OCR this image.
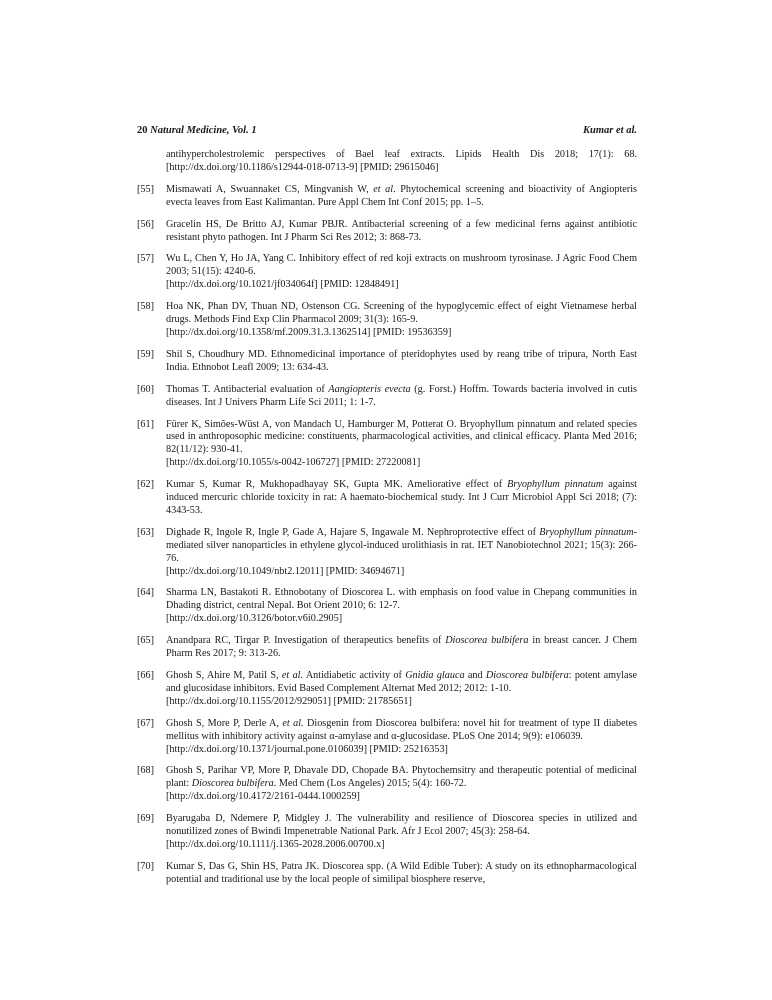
20 Natural Medicine, Vol. 1	Kumar et al.
antihypercholestrolemic perspectives of Bael leaf extracts. Lipids Health Dis 2018; 17(1): 68. [http://dx.doi.org/10.1186/s12944-018-0713-9] [PMID: 29615046]
[55] Mismawati A, Swuannaket CS, Mingvanish W, et al. Phytochemical screening and bioactivity of Angiopteris evecta leaves from East Kalimantan. Pure Appl Chem Int Conf 2015; pp. 1–5.
[56] Gracelin HS, De Britto AJ, Kumar PBJR. Antibacterial screening of a few medicinal ferns against antibiotic resistant phyto pathogen. Int J Pharm Sci Res 2012; 3: 868-73.
[57] Wu L, Chen Y, Ho JA, Yang C. Inhibitory effect of red koji extracts on mushroom tyrosinase. J Agric Food Chem 2003; 51(15): 4240-6.
[http://dx.doi.org/10.1021/jf034064f] [PMID: 12848491]
[58] Hoa NK, Phan DV, Thuan ND, Ostenson CG. Screening of the hypoglycemic effect of eight Vietnamese herbal drugs. Methods Find Exp Clin Pharmacol 2009; 31(3): 165-9.
[http://dx.doi.org/10.1358/mf.2009.31.3.1362514] [PMID: 19536359]
[59] Shil S, Choudhury MD. Ethnomedicinal importance of pteridophytes used by reang tribe of tripura, North East India. Ethnobot Leafl 2009; 13: 634-43.
[60] Thomas T. Antibacterial evaluation of Aangiopteris evecta (g. Forst.) Hoffm. Towards bacteria involved in cutis diseases. Int J Univers Pharm Life Sci 2011; 1: 1-7.
[61] Fürer K, Simões-Wüst A, von Mandach U, Hamburger M, Potterat O. Bryophyllum pinnatum and related species used in anthroposophic medicine: constituents, pharmacological activities, and clinical efficacy. Planta Med 2016; 82(11/12): 930-41.
[http://dx.doi.org/10.1055/s-0042-106727] [PMID: 27220081]
[62] Kumar S, Kumar R, Mukhopadhayay SK, Gupta MK. Ameliorative effect of Bryophyllum pinnatum against induced mercuric chloride toxicity in rat: A haemato-biochemical study. Int J Curr Microbiol Appl Sci 2018; (7): 4343-53.
[63] Dighade R, Ingole R, Ingle P, Gade A, Hajare S, Ingawale M. Nephroprotective effect of Bryophyllum pinnatum-mediated silver nanoparticles in ethylene glycol-induced urolithiasis in rat. IET Nanobiotechnol 2021; 15(3): 266-76.
[http://dx.doi.org/10.1049/nbt2.12011] [PMID: 34694671]
[64] Sharma LN, Bastakoti R. Ethnobotany of Dioscorea L. with emphasis on food value in Chepang communities in Dhading district, central Nepal. Bot Orient 2010; 6: 12-7.
[http://dx.doi.org/10.3126/botor.v6i0.2905]
[65] Anandpara RC, Tirgar P. Investigation of therapeutics benefits of Dioscorea bulbifera in breast cancer. J Chem Pharm Res 2017; 9: 313-26.
[66] Ghosh S, Ahire M, Patil S, et al. Antidiabetic activity of Gnidia glauca and Dioscorea bulbifera: potent amylase and glucosidase inhibitors. Evid Based Complement Alternat Med 2012; 2012: 1-10.
[http://dx.doi.org/10.1155/2012/929051] [PMID: 21785651]
[67] Ghosh S, More P, Derle A, et al. Diosgenin from Dioscorea bulbifera: novel hit for treatment of type II diabetes mellitus with inhibitory activity against α-amylase and α-glucosidase. PLoS One 2014; 9(9): e106039.
[http://dx.doi.org/10.1371/journal.pone.0106039] [PMID: 25216353]
[68] Ghosh S, Parihar VP, More P, Dhavale DD, Chopade BA. Phytochemsitry and therapeutic potential of medicinal plant: Dioscorea bulbifera. Med Chem (Los Angeles) 2015; 5(4): 160-72.
[http://dx.doi.org/10.4172/2161-0444.1000259]
[69] Byarugaba D, Ndemere P, Midgley J. The vulnerability and resilience of Dioscorea species in utilized and nonutilized zones of Bwindi Impenetrable National Park. Afr J Ecol 2007; 45(3): 258-64.
[http://dx.doi.org/10.1111/j.1365-2028.2006.00700.x]
[70] Kumar S, Das G, Shin HS, Patra JK. Dioscorea spp. (A Wild Edible Tuber): A study on its ethnopharmacological potential and traditional use by the local people of similipal biosphere reserve,
